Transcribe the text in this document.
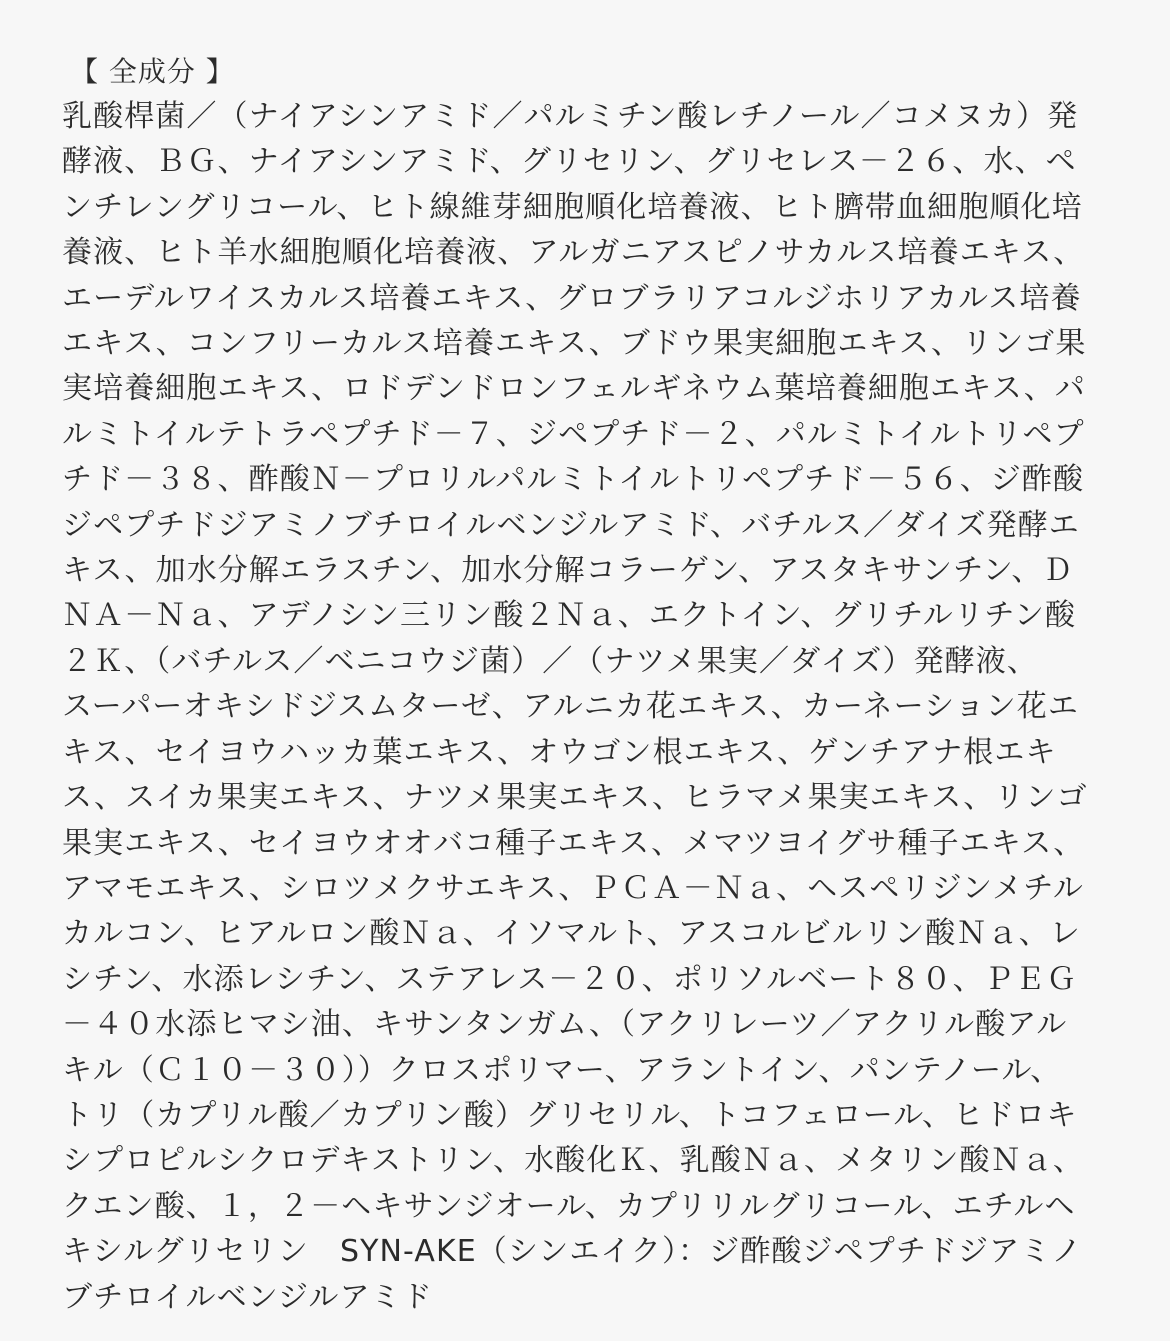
【 全成分 】
乳酸桿菌／（ナイアシンアミド／パルミチン酸レチノール／コメヌカ）発
酵液、ＢＧ、ナイアシンアミド、グリセリン、グリセレス－２６、水、ペ
ンチレングリコール、ヒト線維芽細胞順化培養液、ヒト臍帯血細胞順化培
養液、ヒト羊水細胞順化培養液、アルガニアスピノサカルス培養エキス、
エーデルワイスカルス培養エキス、グロブラリアコルジホリアカルス培養
エキス、コンフリーカルス培養エキス、ブドウ果実細胞エキス、リンゴ果
実培養細胞エキス、ロドデンドロンフェルギネウム葉培養細胞エキス、パ
ルミトイルテトラペプチド－７、ジペプチド－２、パルミトイルトリペプ
チド－３８、酢酸Ｎ－プロリルパルミトイルトリペプチド－５６、ジ酢酸
ジペプチドジアミノブチロイルベンジルアミド、バチルス／ダイズ発酵エ
キス、加水分解エラスチン、加水分解コラーゲン、アスタキサンチン、Ｄ
ＮＡ－Ｎａ、アデノシン三リン酸２Ｎａ、エクトイン、グリチルリチン酸
２Ｋ、（バチルス／ベニコウジ菌）／（ナツメ果実／ダイズ）発酵液、
スーパーオキシドジスムターゼ、アルニカ花エキス、カーネーション花エ
キス、セイヨウハッカ葉エキス、オウゴン根エキス、ゲンチアナ根エキ
ス、スイカ果実エキス、ナツメ果実エキス、ヒラマメ果実エキス、リンゴ
果実エキス、セイヨウオオバコ種子エキス、メマツヨイグサ種子エキス、
アマモエキス、シロツメクサエキス、ＰＣＡ－Ｎａ、ヘスペリジンメチル
カルコン、ヒアルロン酸Ｎａ、イソマルト、アスコルビルリン酸Ｎａ、レ
シチン、水添レシチン、ステアレス－２０、ポリソルベート８０、ＰＥＧ
－４０水添ヒマシ油、キサンタンガム、（アクリレーツ／アクリル酸アル
キル（Ｃ１０－３０））クロスポリマー、アラントイン、パンテノール、
トリ（カプリル酸／カプリン酸）グリセリル、トコフェロール、ヒドロキ
シプロピルシクロデキストリン、水酸化Ｋ、乳酸Ｎａ、メタリン酸Ｎａ、
クエン酸、１，２－ヘキサンジオール、カプリリルグリコール、エチルヘ
キシルグリセリン　SYN-AKE（シンエイク）：ジ酢酸ジペプチドジアミノ
ブチロイルベンジルアミド
